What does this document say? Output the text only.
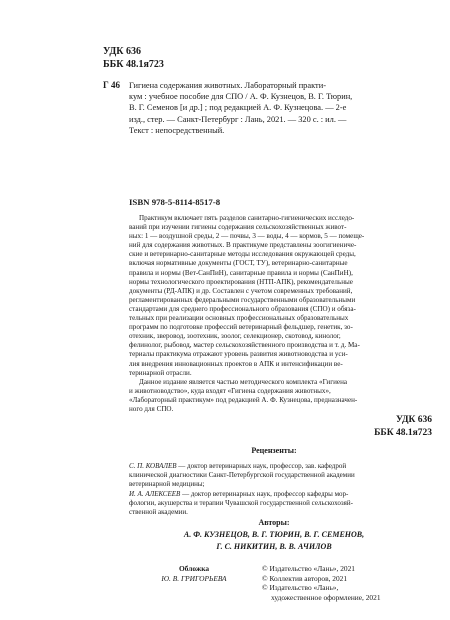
УДК 636
ББК 48.1я723
Г 46 Гигиена содержания животных. Лабораторный практи-
кум : учебное пособие для СПО / А. Ф. Кузнецов, В. Г. Тюрин,
В. Г. Семенов [и др.] ; под редакцией А. Ф. Кузнецова. — 2-е
изд., стер. — Санкт-Петербург : Лань, 2021. — 320 с. : ил. —
Текст : непосредственный.
ISBN 978-5-8114-8517-8
Практикум включает пять разделов санитарно-гигиенических исследо-
ваний при изучении гигиены содержания сельскохозяйственных живот-
ных: 1 — воздушной среды, 2 — почвы, 3 — воды, 4 — кормов, 5 — помеще-
ний для содержания животных. В практикуме представлены зоогигиениче-
ские и ветеринарно-санитарные методы исследования окружающей среды,
включая нормативные документы (ГОСТ, ТУ), ветеринарно-санитарные
правила и нормы (Вет-СанПиН), санитарные правила и нормы (СанПиН),
нормы технологического проектирования (НТП-АПК), рекомендательные
документы (РД-АПК) и др. Составлен с учетом современных требований,
регламентированных федеральными государственными образовательными
стандартами для среднего профессионального образования (СПО) и обяза-
тельных при реализации основных профессиональных образовательных
программ по подготовке профессий ветеринарный фельдшер, генетик, зо-
отехник, зверовод, зоотехник, зоолог, селекционер, скотовод, кинолог,
фелинолог, рыбовод, мастер сельскохозяйственного производства и т. д. Ма-
териалы практикума отражают уровень развития животноводства и уси-
лия внедрения инновационных проектов в АПК и интенсификации ве-
теринарной отрасли.
Данное издание является частью методического комплекта «Гигиена
и животноводство», куда входят «Гигиена содержания животных»,
«Лабораторный практикум» под редакцией А. Ф. Кузнецова, предназначен-
ного для СПО.
УДК 636
ББК 48.1я723
Рецензенты:
С. П. КОВАЛЕВ — доктор ветеринарных наук, профессор, зав. кафедрой
клинической диагностики Санкт-Петербургской государственной академии
ветеринарной медицины;
И. А. АЛЕКСЕЕВ — доктор ветеринарных наук, профессор кафедры мор-
фологии, акушерства и терапии Чувашской государственной сельскохозяй-
ственной академии.
Авторы:
А. Ф. КУЗНЕЦОВ, В. Г. ТЮРИН, В. Г. СЕМЕНОВ,
Г. С. НИКИТИН, В. В. АЧИЛОВ
Обложка
Ю. В. ГРИГОРЬЕВА
© Издательство «Лань», 2021
© Коллектив авторов, 2021
© Издательство «Лань»,
художественное оформление, 2021
